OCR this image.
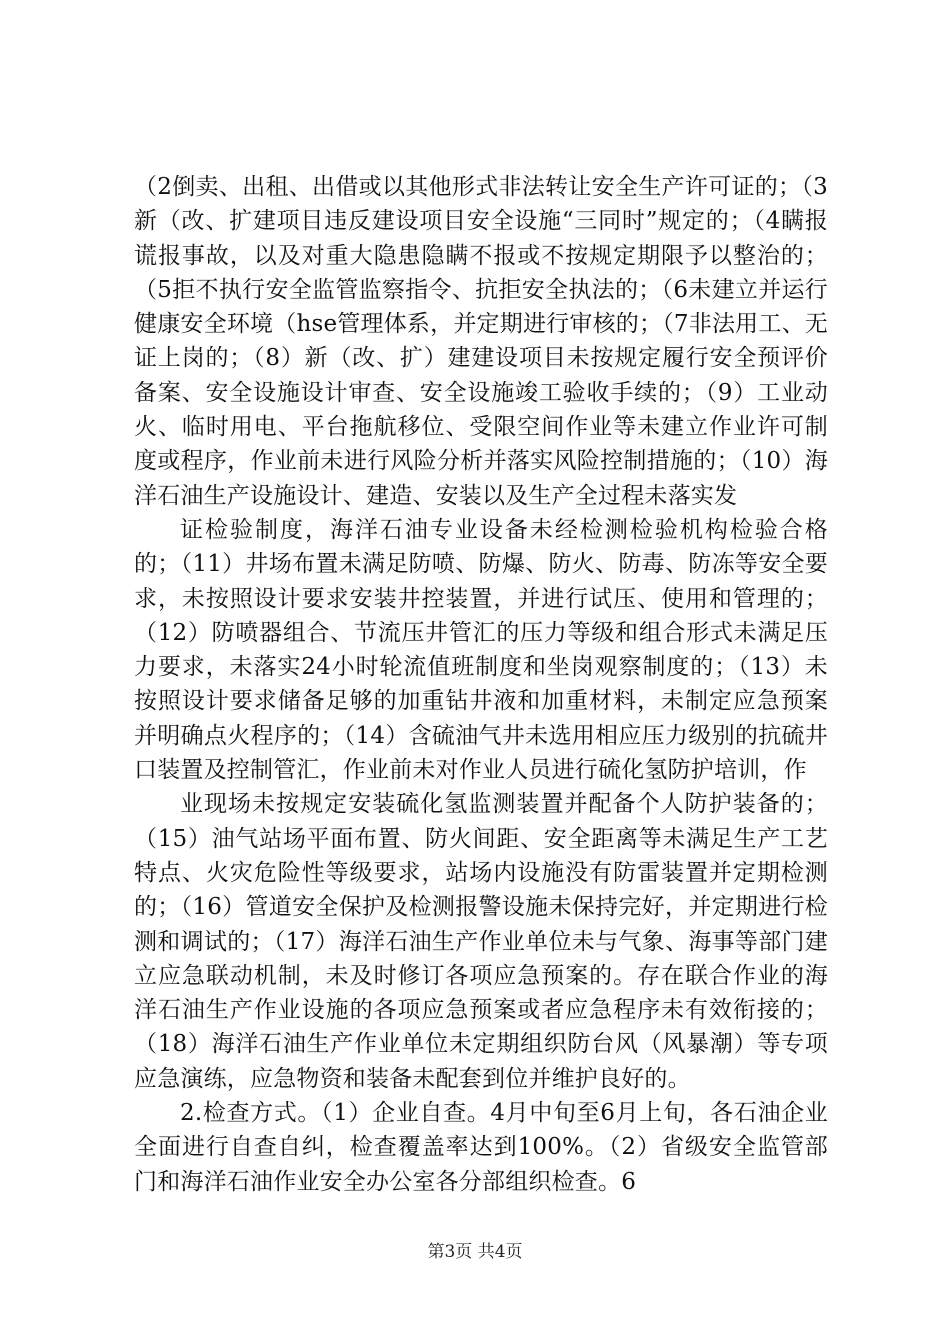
（2倒卖、出租、出借或以其他形式非法转让安全生产许可证的；（3新（改、扩建项目违反建设项目安全设施“三同时”规定的；（4瞒报谎报事故，以及对重大隐患隐瞒不报或不按规定期限予以整治的；（5拒不执行安全监管监察指令、抗拒安全执法的；（6未建立并运行健康安全环境（hse管理体系，并定期进行审核的；（7非法用工、无证上岗的；（8）新（改、扩）建建设项目未按规定履行安全预评价备案、安全设施设计审查、安全设施竣工验收手续的；（9）工业动火、临时用电、平台拖航移位、受限空间作业等未建立作业许可制度或程序，作业前未进行风险分析并落实风险控制措施的；（10）海洋石油生产设施设计、建造、安装以及生产全过程未落实发

证检验制度，海洋石油专业设备未经检测检验机构检验合格的；（11）井场布置未满足防喷、防爆、防火、防毒、防冻等安全要求，未按照设计要求安装井控装置，并进行试压、使用和管理的；（12）防喷器组合、节流压井管汇的压力等级和组合形式未满足压力要求，未落实24小时轮流值班制度和坐岗观察制度的；（13）未按照设计要求储备足够的加重钻井液和加重材料，未制定应急预案并明确点火程序的；（14）含硫油气井未选用相应压力级别的抗硫井口装置及控制管汇，作业前未对作业人员进行硫化氢防护培训，作

业现场未按规定安装硫化氢监测装置并配备个人防护装备的；（15）油气站场平面布置、防火间距、安全距离等未满足生产工艺特点、火灾危险性等级要求，站场内设施没有防雷装置并定期检测的；（16）管道安全保护及检测报警设施未保持完好，并定期进行检测和调试的；（17）海洋石油生产作业单位未与气象、海事等部门建立应急联动机制，未及时修订各项应急预案的。存在联合作业的海洋石油生产作业设施的各项应急预案或者应急程序未有效衔接的；（18）海洋石油生产作业单位未定期组织防台风（风暴潮）等专项应急演练，应急物资和装备未配套到位并维护良好的。

2.检查方式。（1）企业自查。4月中旬至6月上旬，各石油企业全面进行自查自纠，检查覆盖率达到100%。（2）省级安全监管部门和海洋石油作业安全办公室各分部组织检查。6

第3页 共4页
